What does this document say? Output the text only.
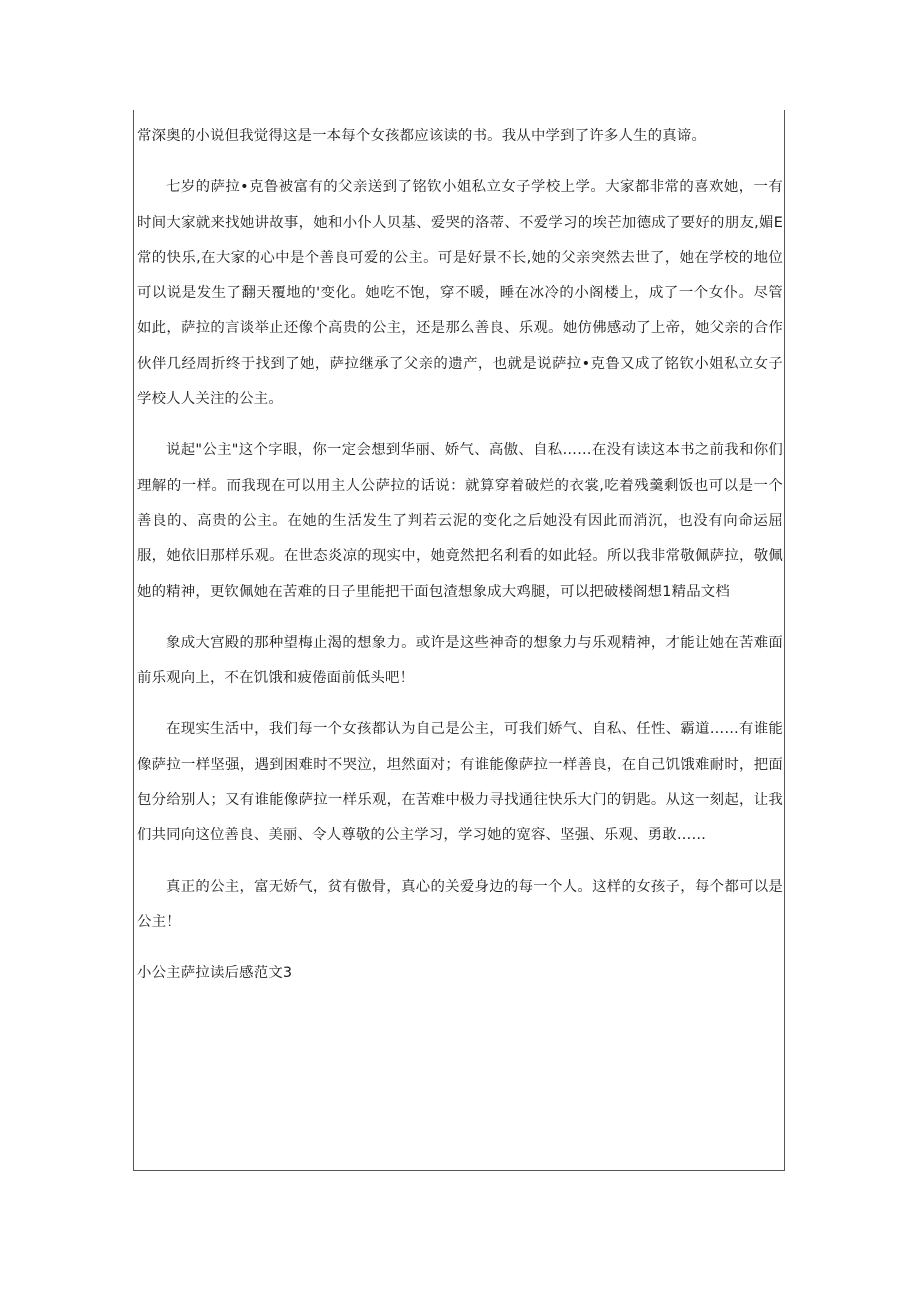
常深奥的小说但我觉得这是一本每个女孩都应该读的书。我从中学到了许多人生的真谛。

七岁的萨拉•克鲁被富有的父亲送到了铭钦小姐私立女子学校上学。大家都非常的喜欢她，一有时间大家就来找她讲故事，她和小仆人贝基、爱哭的洛蒂、不爱学习的埃芒加德成了要好的朋友,媚E常的快乐,在大家的心中是个善良可爱的公主。可是好景不长,她的父亲突然去世了，她在学校的地位可以说是发生了翻天覆地的'变化。她吃不饱，穿不暖，睡在冰冷的小阁楼上，成了一个女仆。尽管如此，萨拉的言谈举止还像个高贵的公主，还是那么善良、乐观。她仿佛感动了上帝，她父亲的合作伙伴几经周折终于找到了她，萨拉继承了父亲的遗产，也就是说萨拉•克鲁又成了铭钦小姐私立女子学校人人关注的公主。

说起"公主"这个字眼，你一定会想到华丽、娇气、高傲、自私……在没有读这本书之前我和你们理解的一样。而我现在可以用主人公萨拉的话说：就算穿着破烂的衣裳,吃着残羹剩饭也可以是一个善良的、高贵的公主。在她的生活发生了判若云泥的变化之后她没有因此而消沉，也没有向命运屈服，她依旧那样乐观。在世态炎凉的现实中，她竟然把名利看的如此轻。所以我非常敬佩萨拉，敬佩她的精神，更钦佩她在苦难的日子里能把干面包渣想象成大鸡腿，可以把破楼阁想1精品文档

象成大宫殿的那种望梅止渴的想象力。或许是这些神奇的想象力与乐观精神，才能让她在苦难面前乐观向上，不在饥饿和疲倦面前低头吧！

在现实生活中，我们每一个女孩都认为自己是公主，可我们娇气、自私、任性、霸道……有谁能像萨拉一样坚强，遇到困难时不哭泣，坦然面对；有谁能像萨拉一样善良，在自己饥饿难耐时，把面包分给别人；又有谁能像萨拉一样乐观，在苦难中极力寻找通往快乐大门的钥匙。从这一刻起，让我们共同向这位善良、美丽、令人尊敬的公主学习，学习她的宽容、坚强、乐观、勇敢……

真正的公主，富无娇气，贫有傲骨，真心的关爱身边的每一个人。这样的女孩子，每个都可以是公主！

小公主萨拉读后感范文3
